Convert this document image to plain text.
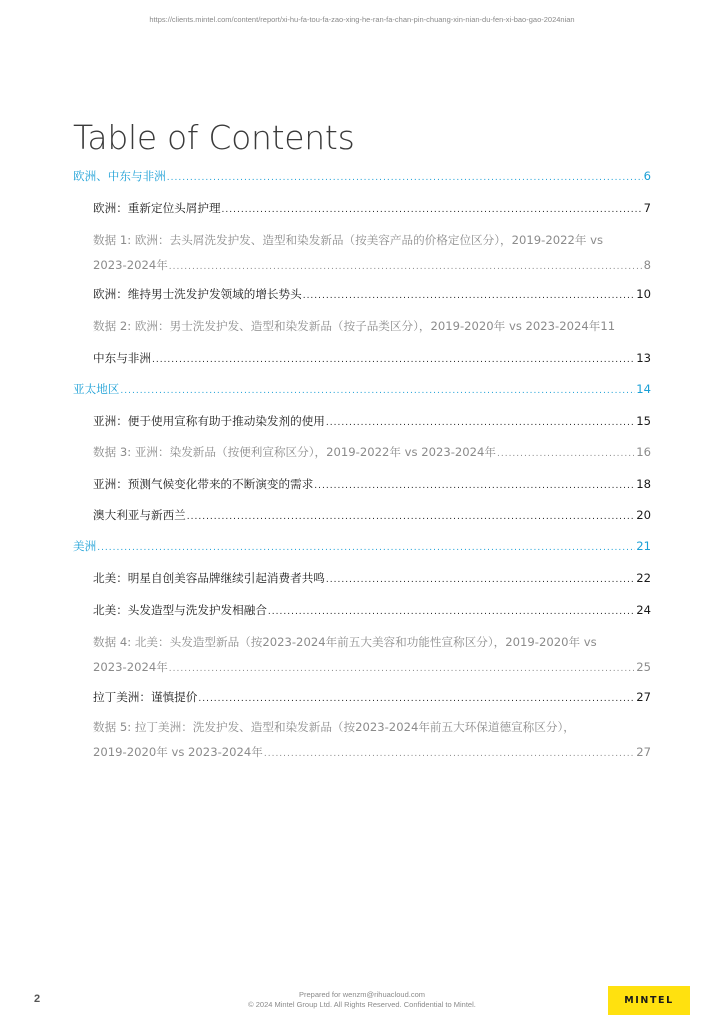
https://clients.mintel.com/content/report/xi-hu-fa-tou-fa-zao-xing-he-ran-fa-chan-pin-chuang-xin-nian-du-fen-xi-bao-gao-2024nian
Table of Contents
欧洲、中东与非洲 .....	6
欧洲：重新定位头屑护理 .....	7
数据 1: 欧洲：去头屑洗发护发、造型和染发新品（按美容产品的价格定位区分），2019-2022年 vs
2023-2024年 .....	8
欧洲：维持男士洗发护发领域的增长势头 .....	10
数据 2: 欧洲：男士洗发护发、造型和染发新品（按子品类区分），2019-2020年 vs 2023-2024年 11
中东与非洲 .....	13
亚太地区 .....	14
亚洲：便于使用宣称有助于推动染发剂的使用 .....	15
数据 3: 亚洲：染发新品（按便利宣称区分），2019-2022年 vs 2023-2024年 .....	16
亚洲：预测气候变化带来的不断演变的需求 .....	18
澳大利亚与新西兰 .....	20
美洲 .....	21
北美：明星自创美容品牌继续引起消费者共鸣 .....	22
北美：头发造型与洗发护发相融合 .....	24
数据 4: 北美：头发造型新品（按2023-2024年前五大美容和功能性宣称区分），2019-2020年 vs
2023-2024年 .....	25
拉丁美洲：谨慎提价 .....	27
数据 5: 拉丁美洲：洗发护发、造型和染发新品（按2023-2024年前五大环保道德宣称区分），
2019-2020年 vs 2023-2024年 .....	27
2	Prepared for wenzm@rihuacloud.com
© 2024 Mintel Group Ltd. All Rights Reserved. Confidential to Mintel.	MINTEL
